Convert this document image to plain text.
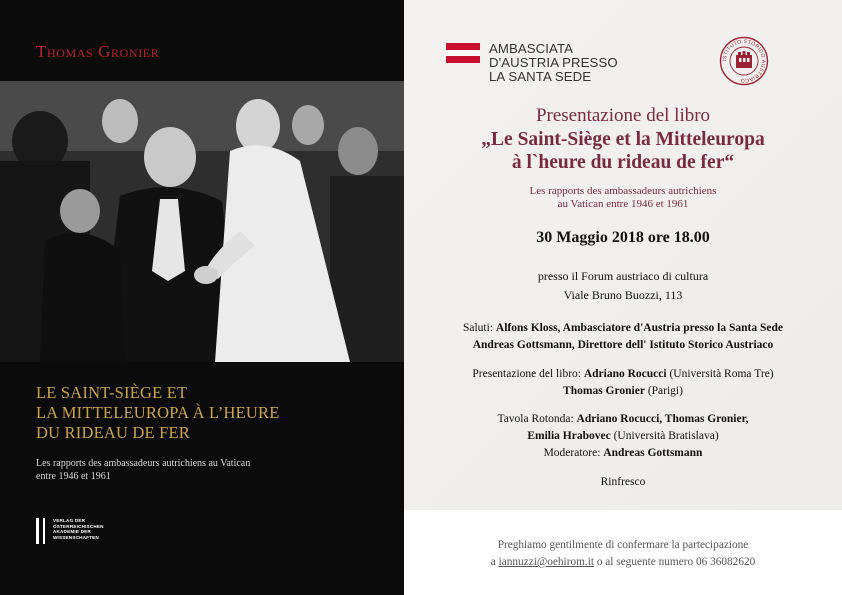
Thomas Gronier
LE SAINT-SIÈGE ET
LA MITTELEUROPA À L’HEURE
DU RIDEAU DE FER
Les rapports des ambassadeurs autrichiens au Vatican
entre 1946 et 1961
VERLAG DER
ÖSTERREICHISCHEN
AKADEMIE DER
WISSENSCHAFTEN
AMBASCIATA
D'AUSTRIA PRESSO
LA SANTA SEDE
ISTITUTO STORICO AUSTRIACO
Presentazione del libro
„Le Saint-Siège et la Mitteleuropa
à l`heure du rideau de fer“
Les rapports des ambassadeurs autrichiens
au Vatican entre 1946 et 1961
30 Maggio 2018 ore 18.00
presso il Forum austriaco di cultura
Viale Bruno Buozzi, 113
Saluti: Alfons Kloss, Ambasciatore d'Austria presso la Santa Sede
Andreas Gottsmann, Direttore dell' Istituto Storico Austriaco
Presentazione del libro: Adriano Rocucci (Università Roma Tre)
Thomas Gronier (Parigi)
Tavola Rotonda: Adriano Rocucci, Thomas Gronier,
Emilia Hrabovec (Università Bratislava)
Moderatore: Andreas Gottsmann
Rinfresco
Preghiamo gentilmente di confermare la partecipazione
a iannuzzi@oehirom.it o al seguente numero 06 36082620
